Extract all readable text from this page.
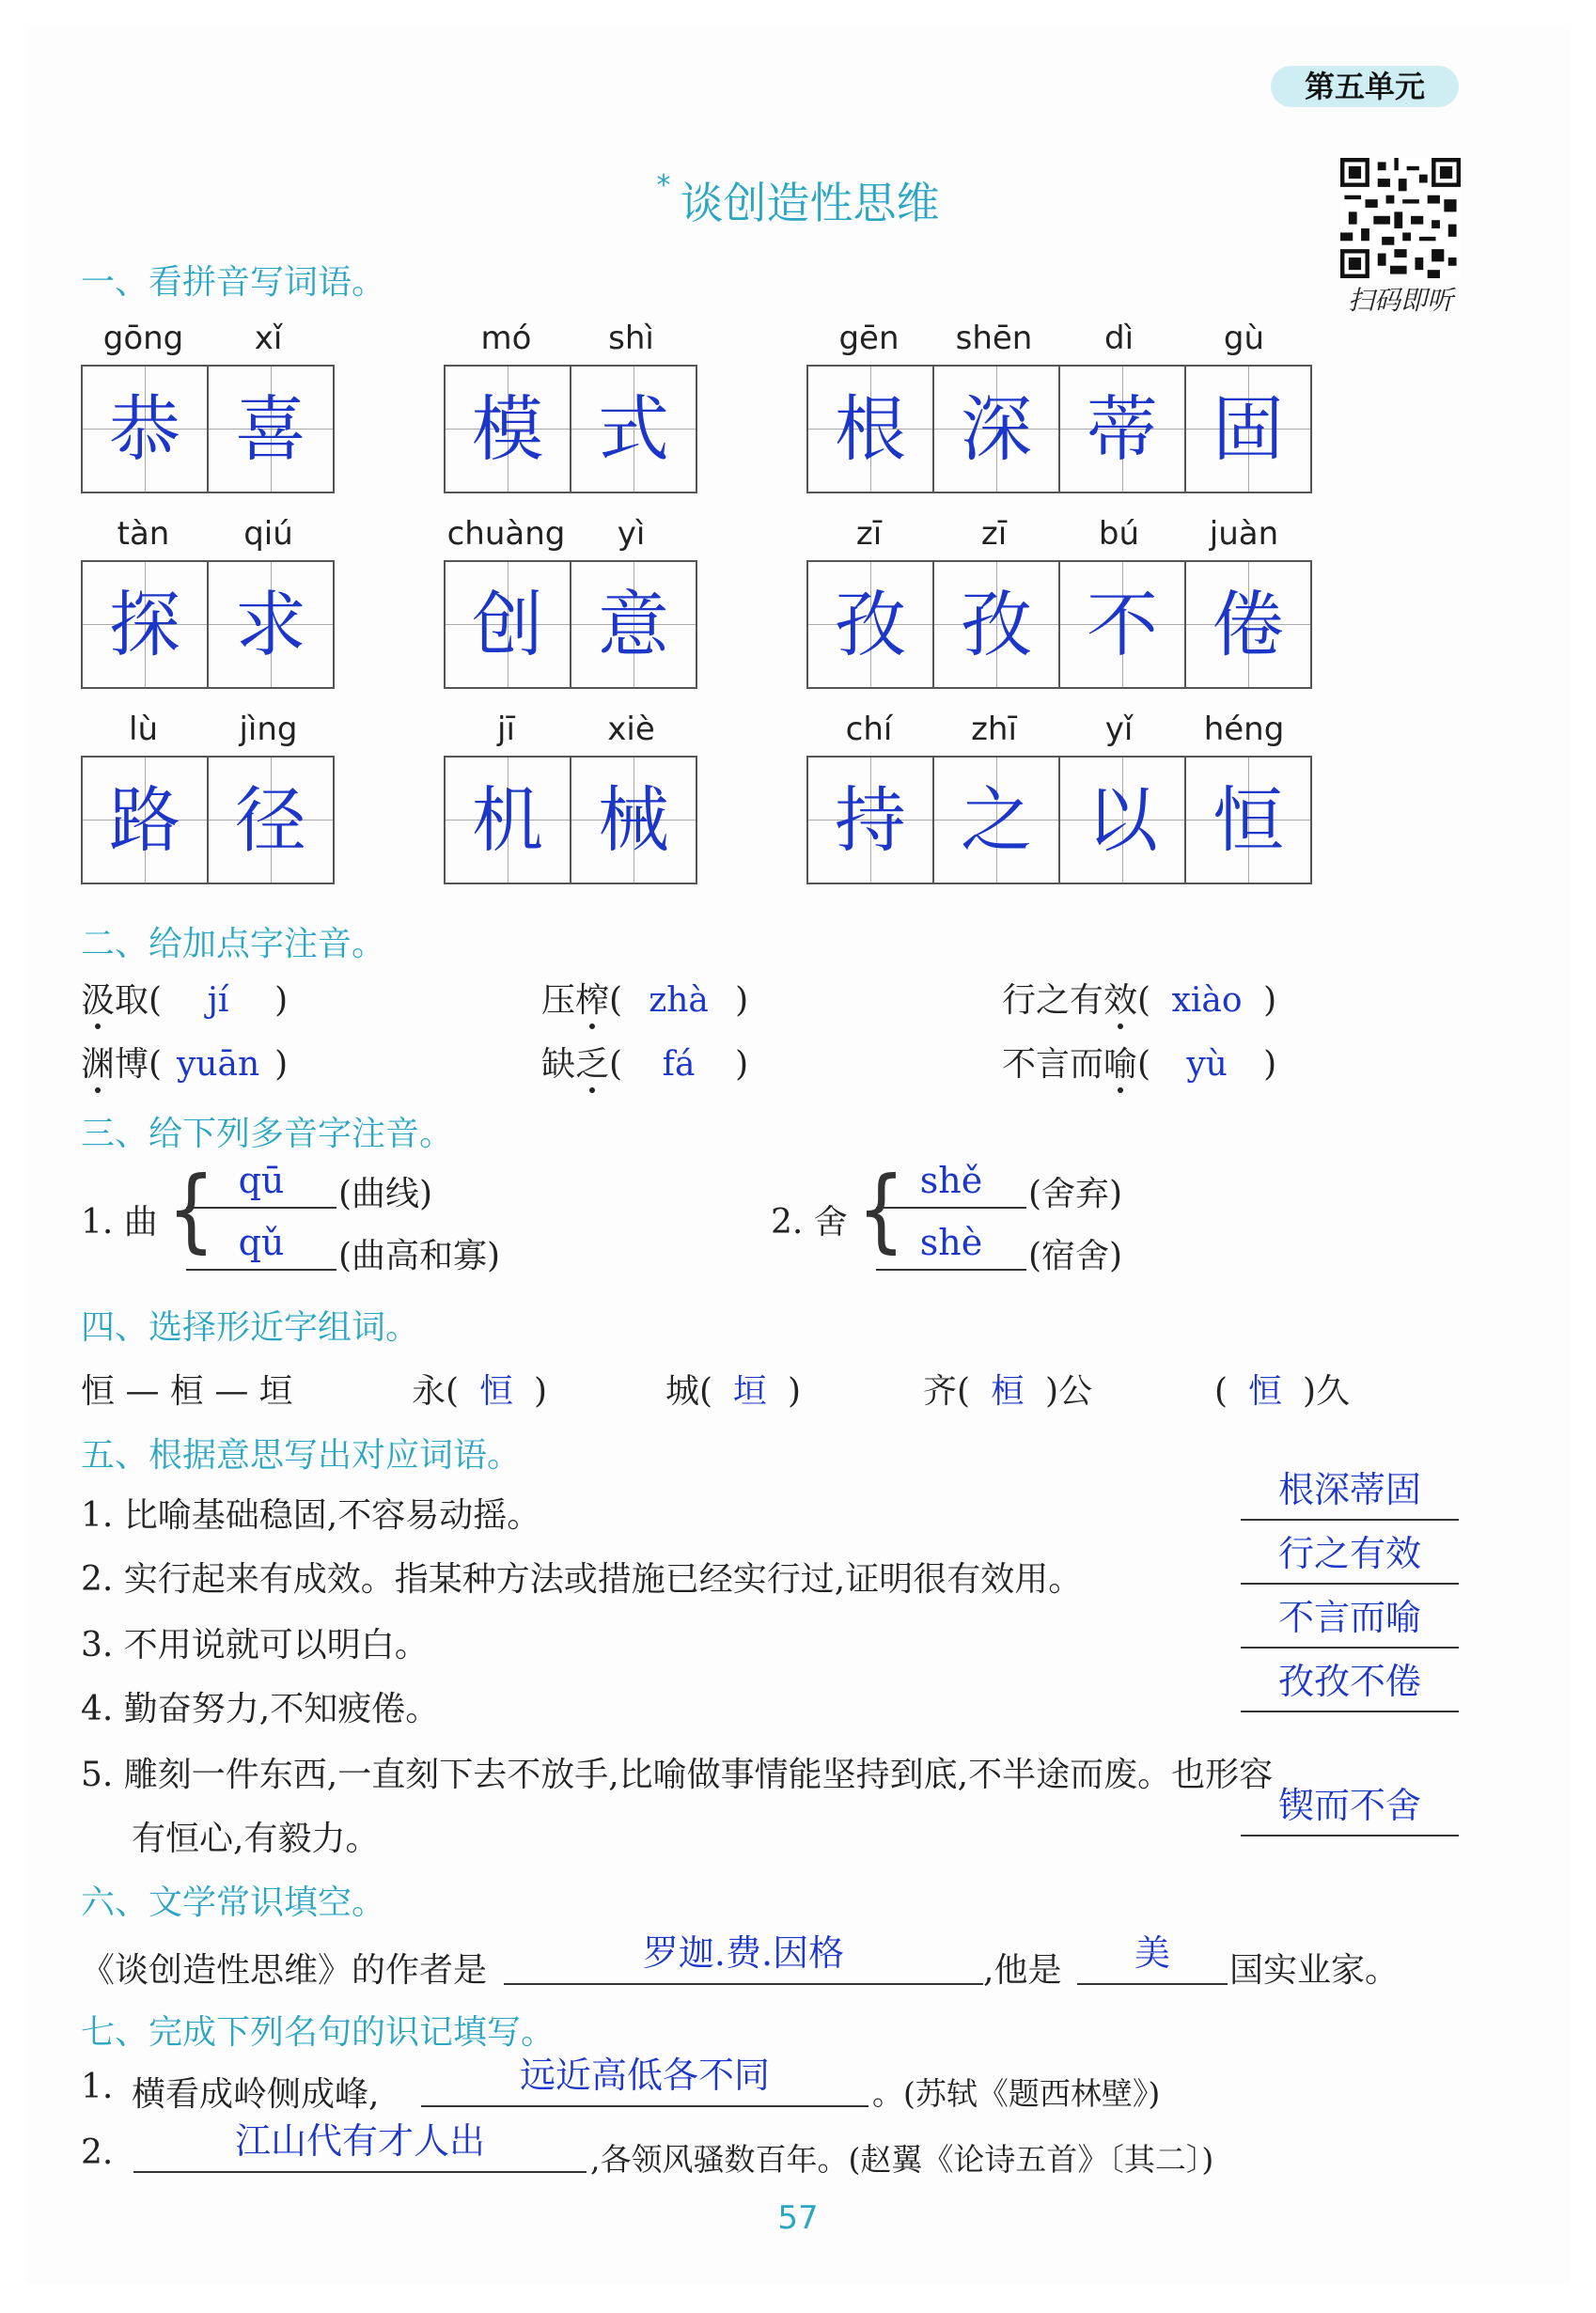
第五单元
* 谈创造性思维
扫码即听
一、看拼音写词语。
gōng	xǐ
恭 喜
mó	shì
模 式
gēn	shēn	dì	gù
根 深 蒂 固
tàn	qiú
探 求
chuàng	yì
创 意
zī	zī	bú	juàn
孜 孜 不 倦
lù	jìng
路 径
jī	xiè
机 械
chí	zhī	yǐ	héng
持 之 以 恒
二、给加点字注音。
汲取( jí )	压榨( zhà )	行之有效( xiào )
渊博( yuān )	缺乏( fá )	不言而喻( yù )
三、给下列多音字注音。
1. 曲 { qū	(曲线)
qǔ	(曲高和寡)
2. 舍 { shě	(舍弃)
shè	(宿舍)
四、选择形近字组词。
恒 — 桓 — 垣	永( 恒 )	城( 垣 )	齐( 桓 )公	( 恒 )久
五、根据意思写出对应词语。
1. 比喻基础稳固,不容易动摇。
根深蒂固
2. 实行起来有成效。指某种方法或措施已经实行过,证明很有效用。
行之有效
3. 不用说就可以明白。
不言而喻
4. 勤奋努力,不知疲倦。
孜孜不倦
5. 雕刻一件东西,一直刻下去不放手,比喻做事情能坚持到底,不半途而废。也形容
有恒心,有毅力。
锲而不舍
六、文学常识填空。
《谈创造性思维》的作者是	罗迦.费.因格	,他是	美	国实业家。
七、完成下列名句的识记填写。
1. 横看成岭侧成峰,	远近高低各不同	。(苏轼《题西林壁》)
2.	江山代有才人出	,各领风骚数百年。(赵翼《论诗五首》〔其二〕)
57
